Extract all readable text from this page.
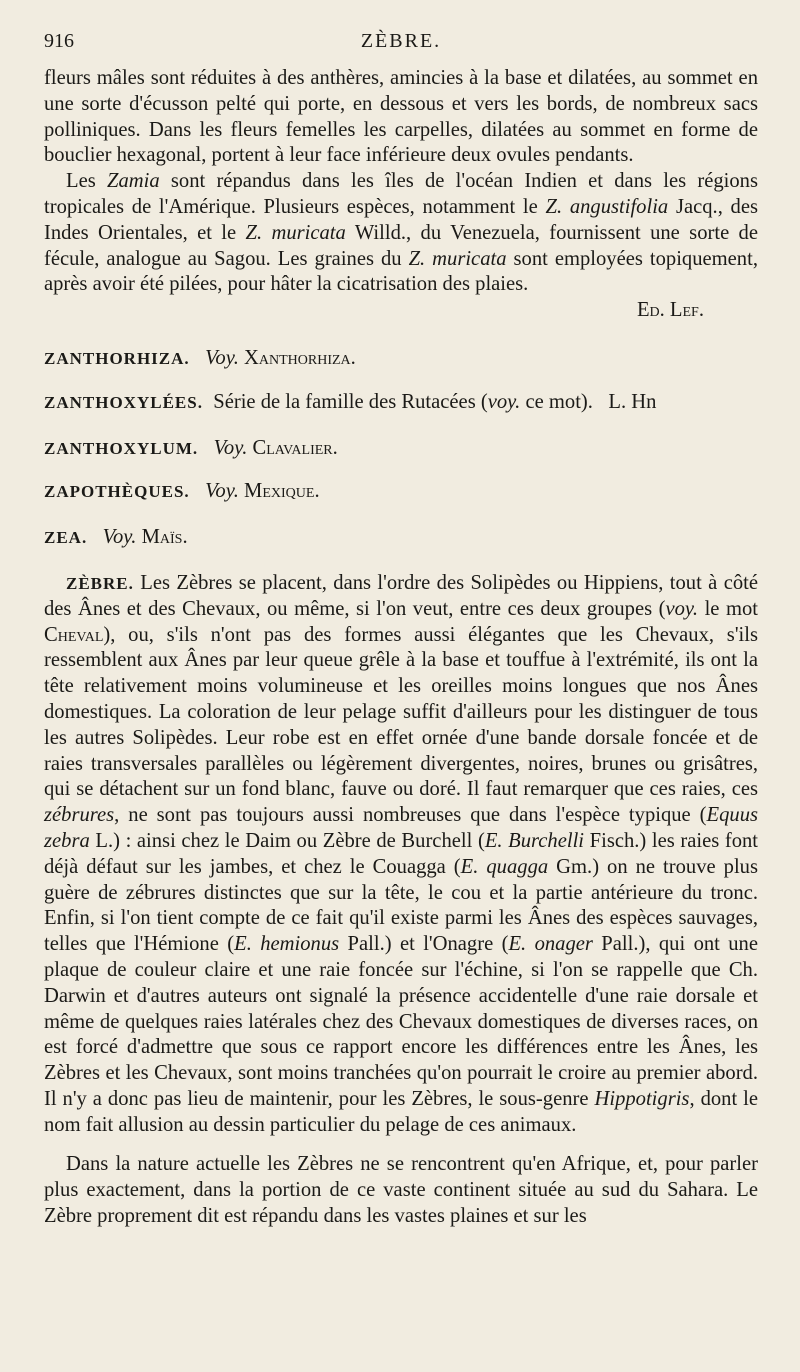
916	ZÈBRE.

fleurs mâles sont réduites à des anthères, amincies à la base et dilatées, au sommet en une sorte d'écusson pelté qui porte, en dessous et vers les bords, de nombreux sacs polliniques. Dans les fleurs femelles les carpelles, dilatées au sommet en forme de bouclier hexagonal, portent à leur face inférieure deux ovules pendants.

Les Zamia sont répandus dans les îles de l'océan Indien et dans les régions tropicales de l'Amérique. Plusieurs espèces, notamment le Z. angustifolia Jacq., des Indes Orientales, et le Z. muricata Willd., du Venezuela, fournissent une sorte de fécule, analogue au Sagou. Les graines du Z. muricata sont employées topiquement, après avoir été pilées, pour hâter la cicatrisation des plaies.

Ed. Lef.

ZANTHORHIZA. Voy. Xanthorhiza.

ZANTHOXYLÉES. Série de la famille des Rutacées (voy. ce mot). L. Hn

ZANTHOXYLUM. Voy. Clavalier.

ZAPOTHÈQUES. Voy. Mexique.

ZEA. Voy. Maïs.

ZÈBRE. Les Zèbres se placent, dans l'ordre des Solipèdes ou Hippiens, tout à côté des Ânes et des Chevaux, ou même, si l'on veut, entre ces deux groupes (voy. le mot Cheval), ou, s'ils n'ont pas des formes aussi élégantes que les Chevaux, s'ils ressemblent aux Ânes par leur queue grêle à la base et touffue à l'extrémité, ils ont la tête relativement moins volumineuse et les oreilles moins longues que nos Ânes domestiques. La coloration de leur pelage suffit d'ailleurs pour les distinguer de tous les autres Solipèdes. Leur robe est en effet ornée d'une bande dorsale foncée et de raies transversales parallèles ou légèrement divergentes, noires, brunes ou grisâtres, qui se détachent sur un fond blanc, fauve ou doré. Il faut remarquer que ces raies, ces zébrures, ne sont pas toujours aussi nombreuses que dans l'espèce typique (Equus zebra L.) : ainsi chez le Daim ou Zèbre de Burchell (E. Burchelli Fisch.) les raies font déjà défaut sur les jambes, et chez le Couagga (E. quagga Gm.) on ne trouve plus guère de zébrures distinctes que sur la tête, le cou et la partie antérieure du tronc. Enfin, si l'on tient compte de ce fait qu'il existe parmi les Ânes des espèces sauvages, telles que l'Hémione (E. hemionus Pall.) et l'Onagre (E. onager Pall.), qui ont une plaque de couleur claire et une raie foncée sur l'échine, si l'on se rappelle que Ch. Darwin et d'autres auteurs ont signalé la présence accidentelle d'une raie dorsale et même de quelques raies latérales chez des Chevaux domestiques de diverses races, on est forcé d'admettre que sous ce rapport encore les différences entre les Ânes, les Zèbres et les Chevaux, sont moins tranchées qu'on pourrait le croire au premier abord. Il n'y a donc pas lieu de maintenir, pour les Zèbres, le sous-genre Hippotigris, dont le nom fait allusion au dessin particulier du pelage de ces animaux.

Dans la nature actuelle les Zèbres ne se rencontrent qu'en Afrique, et, pour parler plus exactement, dans la portion de ce vaste continent située au sud du Sahara. Le Zèbre proprement dit est répandu dans les vastes plaines et sur les
